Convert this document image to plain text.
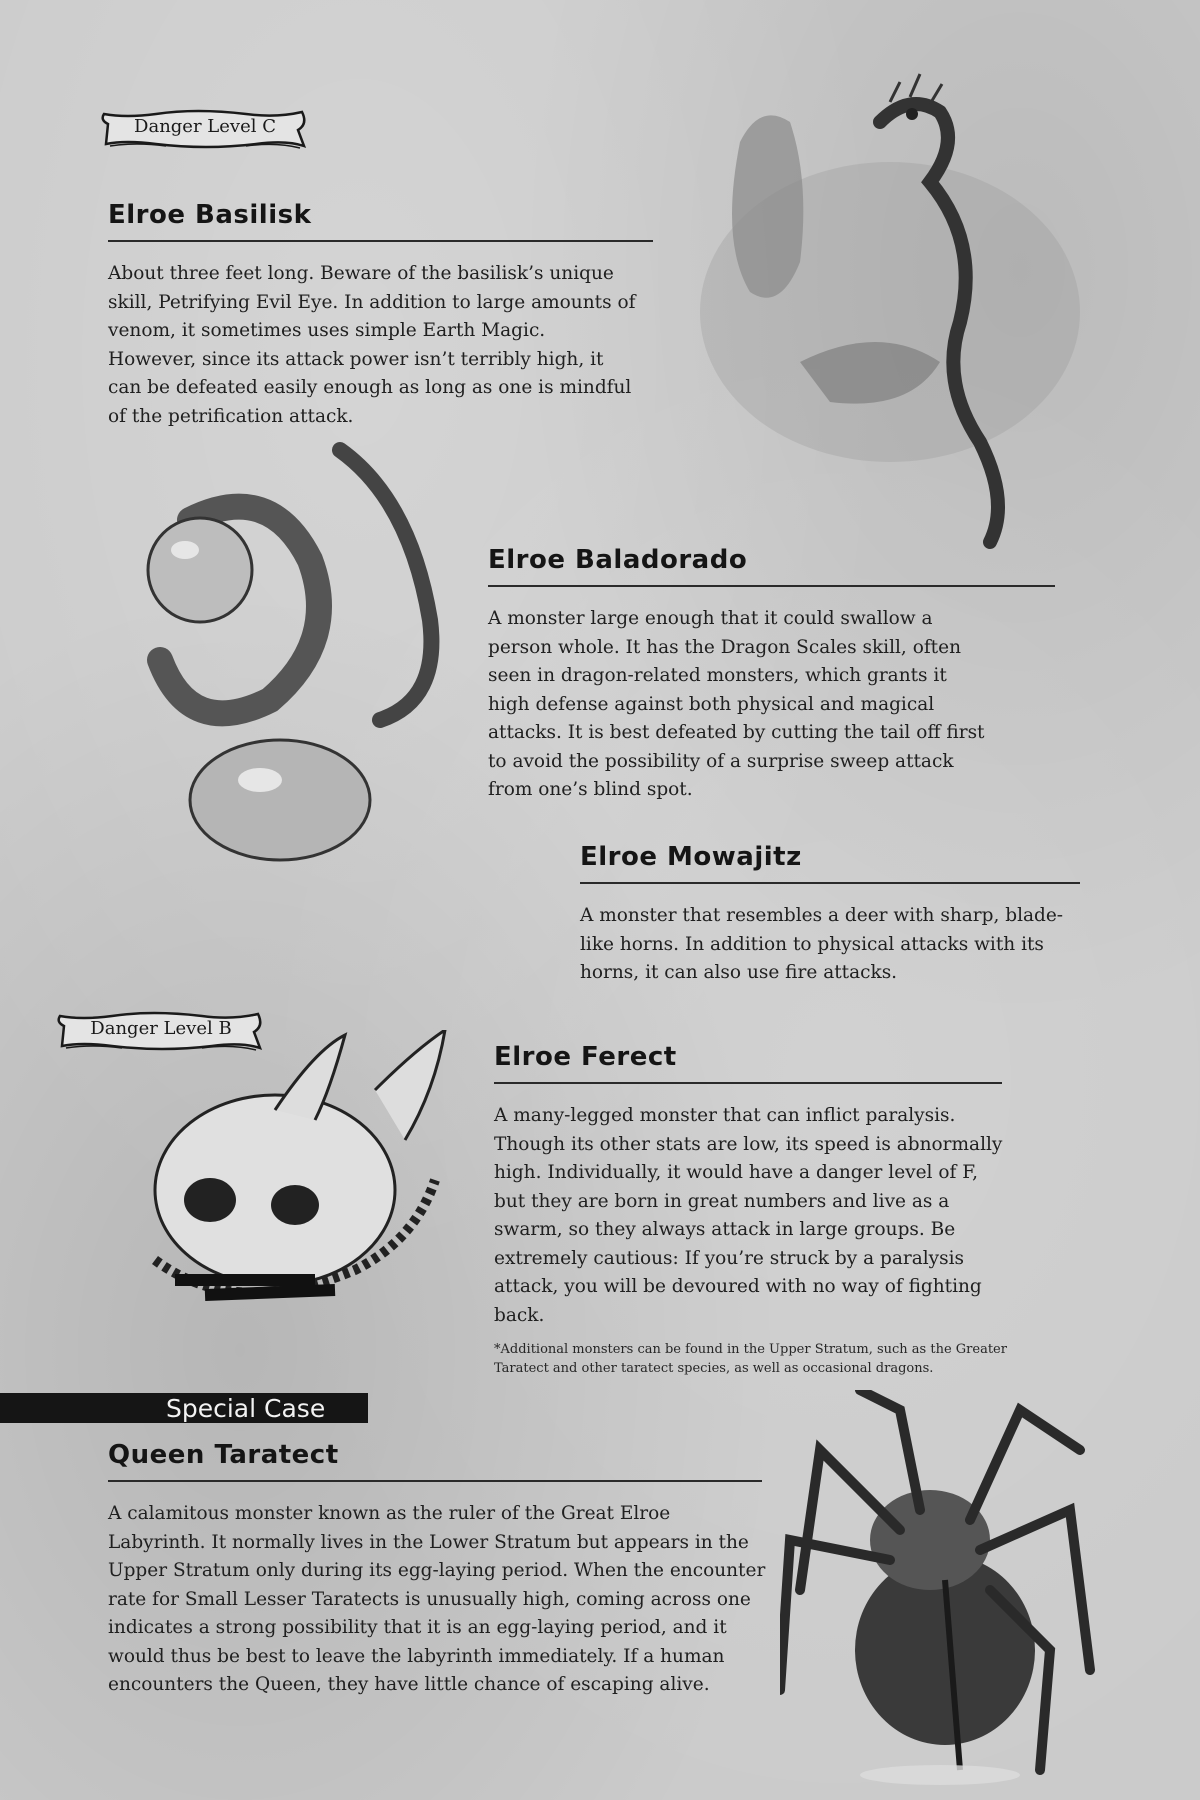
Danger Level C
Elroe Basilisk

About three feet long. Beware of the basilisk’s unique skill, Petrifying Evil Eye. In addition to large amounts of venom, it sometimes uses simple Earth Magic. However, since its attack power isn’t terribly high, it can be defeated easily enough as long as one is mindful of the petrification attack.

Elroe Baladorado

A monster large enough that it could swallow a person whole. It has the Dragon Scales skill, often seen in dragon-related monsters, which grants it high defense against both physical and magical attacks. It is best defeated by cutting the tail off first to avoid the possibility of a surprise sweep attack from one’s blind spot.

Elroe Mowajitz

A monster that resembles a deer with sharp, blade-like horns. In addition to physical attacks with its horns, it can also use fire attacks.

Danger Level B
Elroe Ferect

A many-legged monster that can inflict paralysis. Though its other stats are low, its speed is abnormally high. Individually, it would have a danger level of F, but they are born in great numbers and live as a swarm, so they always attack in large groups. Be extremely cautious: If you’re struck by a paralysis attack, you will be devoured with no way of fighting back.

*Additional monsters can be found in the Upper Stratum, such as the Greater Taratect and other taratect species, as well as occasional dragons.

Special Case
Queen Taratect

A calamitous monster known as the ruler of the Great Elroe Labyrinth. It normally lives in the Lower Stratum but appears in the Upper Stratum only during its egg-laying period. When the encounter rate for Small Lesser Taratects is unusually high, coming across one indicates a strong possibility that it is an egg-laying period, and it would thus be best to leave the labyrinth immediately. If a human encounters the Queen, they have little chance of escaping alive.
